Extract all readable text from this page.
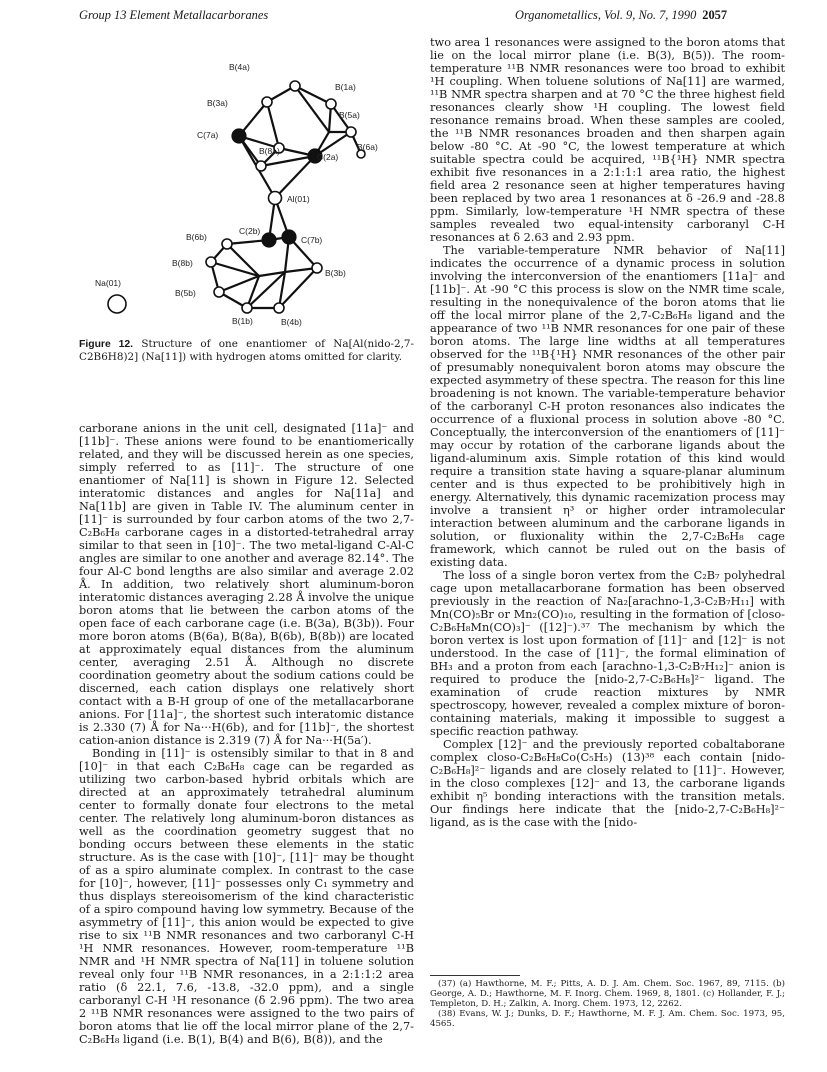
Group 13 Element Metallacarboranes	Organometallics, Vol. 9, No. 7, 1990 2057
B(4a)
B(1a)
B(3a)
B(5a)
C(7a)
B(6a)
B(8a)
C(2a)
Al(01)
C(2b)
B(6b)	C(7b)
B(8b)
B(3b)
Na(01)
B(5b)
B(1b)	B(4b)
Figure 12. Structure of one enantiomer of Na[Al(nido-2,7-C2B6H8)2] (Na[11]) with hydrogen atoms omitted for clarity.

carborane anions in the unit cell, designated [11a]⁻ and [11b]⁻. These anions were found to be enantiomerically related, and they will be discussed herein as one species, simply referred to as [11]⁻. The structure of one enantiomer of Na[11] is shown in Figure 12. Selected interatomic distances and angles for Na[11a] and Na[11b] are given in Table IV. The aluminum center in [11]⁻ is surrounded by four carbon atoms of the two 2,7-C₂B₆H₈ carborane cages in a distorted-tetrahedral array similar to that seen in [10]⁻. The two metal-ligand C-Al-C angles are similar to one another and average 82.14°. The four Al-C bond lengths are also similar and average 2.02 Å. In addition, two relatively short aluminum-boron interatomic distances averaging 2.28 Å involve the unique boron atoms that lie between the carbon atoms of the open face of each carborane cage (i.e. B(3a), B(3b)). Four more boron atoms (B(6a), B(8a), B(6b), B(8b)) are located at approximately equal distances from the aluminum center, averaging 2.51 Å. Although no discrete coordination geometry about the sodium cations could be discerned, each cation displays one relatively short contact with a B-H group of one of the metallacarborane anions. For [11a]⁻, the shortest such interatomic distance is 2.330 (7) Å for Na···H(6b), and for [11b]⁻, the shortest cation-anion distance is 2.319 (7) Å for Na···H(5a′).

Bonding in [11]⁻ is ostensibly similar to that in 8 and [10]⁻ in that each C₂B₆H₈ cage can be regarded as utilizing two carbon-based hybrid orbitals which are directed at an approximately tetrahedral aluminum center to formally donate four electrons to the metal center. The relatively long aluminum-boron distances as well as the coordination geometry suggest that no bonding occurs between these elements in the static structure. As is the case with [10]⁻, [11]⁻ may be thought of as a spiro aluminate complex. In contrast to the case for [10]⁻, however, [11]⁻ possesses only C₁ symmetry and thus displays stereoisomerism of the kind characteristic of a spiro compound having low symmetry. Because of the asymmetry of [11]⁻, this anion would be expected to give rise to six ¹¹B NMR resonances and two carboranyl C-H ¹H NMR resonances. However, room-temperature ¹¹B NMR and ¹H NMR spectra of Na[11] in toluene solution reveal only four ¹¹B NMR resonances, in a 2:1:1:2 area ratio (δ 22.1, 7.6, -13.8, -32.0 ppm), and a single carboranyl C-H ¹H resonance (δ 2.96 ppm). The two area 2 ¹¹B NMR resonances were assigned to the two pairs of boron atoms that lie off the local mirror plane of the 2,7-C₂B₆H₈ ligand (i.e. B(1), B(4) and B(6), B(8)), and the

two area 1 resonances were assigned to the boron atoms that lie on the local mirror plane (i.e. B(3), B(5)). The room-temperature ¹¹B NMR resonances were too broad to exhibit ¹H coupling. When toluene solutions of Na[11] are warmed, ¹¹B NMR spectra sharpen and at 70 °C the three highest field resonances clearly show ¹H coupling. The lowest field resonance remains broad. When these samples are cooled, the ¹¹B NMR resonances broaden and then sharpen again below -80 °C. At -90 °C, the lowest temperature at which suitable spectra could be acquired, ¹¹B{¹H} NMR spectra exhibit five resonances in a 2:1:1:1 area ratio, the highest field area 2 resonance seen at higher temperatures having been replaced by two area 1 resonances at δ -26.9 and -28.8 ppm. Similarly, low-temperature ¹H NMR spectra of these samples revealed two equal-intensity carboranyl C-H resonances at δ 2.63 and 2.93 ppm.

The variable-temperature NMR behavior of Na[11] indicates the occurrence of a dynamic process in solution involving the interconversion of the enantiomers [11a]⁻ and [11b]⁻. At -90 °C this process is slow on the NMR time scale, resulting in the nonequivalence of the boron atoms that lie off the local mirror plane of the 2,7-C₂B₆H₈ ligand and the appearance of two ¹¹B NMR resonances for one pair of these boron atoms. The large line widths at all temperatures observed for the ¹¹B{¹H} NMR resonances of the other pair of presumably nonequivalent boron atoms may obscure the expected asymmetry of these spectra. The reason for this line broadening is not known. The variable-temperature behavior of the carboranyl C-H proton resonances also indicates the occurrence of a fluxional process in solution above -80 °C. Conceptually, the interconversion of the enantiomers of [11]⁻ may occur by rotation of the carborane ligands about the ligand-aluminum axis. Simple rotation of this kind would require a transition state having a square-planar aluminum center and is thus expected to be prohibitively high in energy. Alternatively, this dynamic racemization process may involve a transient η³ or higher order intramolecular interaction between aluminum and the carborane ligands in solution, or fluxionality within the 2,7-C₂B₆H₈ cage framework, which cannot be ruled out on the basis of existing data.

The loss of a single boron vertex from the C₂B₇ polyhedral cage upon metallacarborane formation has been observed previously in the reaction of Na₂[arachno-1,3-C₂B₇H₁₁] with Mn(CO)₅Br or Mn₂(CO)₁₀, resulting in the formation of [closo-C₂B₆H₈Mn(CO)₃]⁻ ([12]⁻).³⁷ The mechanism by which the boron vertex is lost upon formation of [11]⁻ and [12]⁻ is not understood. In the case of [11]⁻, the formal elimination of BH₃ and a proton from each [arachno-1,3-C₂B₇H₁₂]⁻ anion is required to produce the [nido-2,7-C₂B₆H₈]²⁻ ligand. The examination of crude reaction mixtures by NMR spectroscopy, however, revealed a complex mixture of boron-containing materials, making it impossible to suggest a specific reaction pathway.

Complex [12]⁻ and the previously reported cobaltaborane complex closo-C₂B₆H₈Co(C₅H₅) (13)³⁸ each contain [nido-C₂B₆H₈]²⁻ ligands and are closely related to [11]⁻. However, in the closo complexes [12]⁻ and 13, the carborane ligands exhibit η⁵ bonding interactions with the transition metals. Our findings here indicate that the [nido-2,7-C₂B₆H₈]²⁻ ligand, as is the case with the [nido-

(37) (a) Hawthorne, M. F.; Pitts, A. D. J. Am. Chem. Soc. 1967, 89, 7115. (b) George, A. D.; Hawthorne, M. F. Inorg. Chem. 1969, 8, 1801. (c) Hollander, F. J.; Templeton, D. H.; Zalkin, A. Inorg. Chem. 1973, 12, 2262.

(38) Evans, W. J.; Dunks, D. F.; Hawthorne, M. F. J. Am. Chem. Soc. 1973, 95, 4565.
